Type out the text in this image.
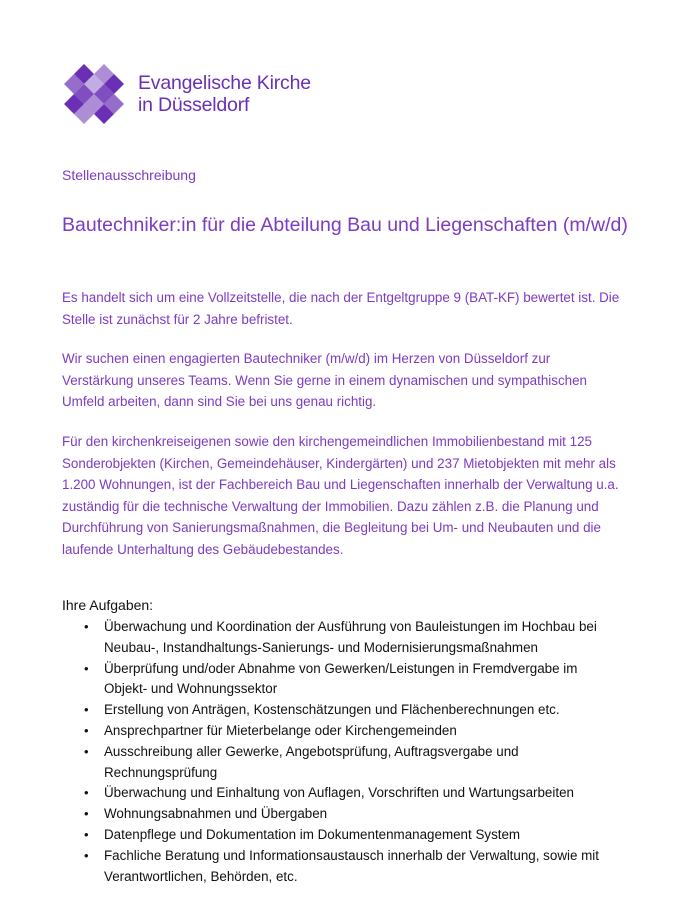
Evangelische Kirche
in Düsseldorf
Stellenausschreibung
Bautechniker:in für die Abteilung Bau und Liegenschaften (m/w/d)

Es handelt sich um eine Vollzeitstelle, die nach der Entgeltgruppe 9 (BAT-KF) bewertet ist. Die Stelle ist zunächst für 2 Jahre befristet.

Wir suchen einen engagierten Bautechniker (m/w/d) im Herzen von Düsseldorf zur Verstärkung unseres Teams. Wenn Sie gerne in einem dynamischen und sympathischen Umfeld arbeiten, dann sind Sie bei uns genau richtig.

Für den kirchenkreiseigenen sowie den kirchengemeindlichen Immobilienbestand mit 125 Sonderobjekten (Kirchen, Gemeindehäuser, Kindergärten) und 237 Mietobjekten mit mehr als 1.200 Wohnungen, ist der Fachbereich Bau und Liegenschaften innerhalb der Verwaltung u.a. zuständig für die technische Verwaltung der Immobilien. Dazu zählen z.B. die Planung und Durchführung von Sanierungsmaßnahmen, die Begleitung bei Um- und Neubauten und die laufende Unterhaltung des Gebäudebestandes.

Ihre Aufgaben:
• Überwachung und Koordination der Ausführung von Bauleistungen im Hochbau bei Neubau-, Instandhaltungs-Sanierungs- und Modernisierungsmaßnahmen
• Überprüfung und/oder Abnahme von Gewerken/Leistungen in Fremdvergabe im Objekt- und Wohnungssektor
• Erstellung von Anträgen, Kostenschätzungen und Flächenberechnungen etc.
• Ansprechpartner für Mieterbelange oder Kirchengemeinden
• Ausschreibung aller Gewerke, Angebotsprüfung, Auftragsvergabe und Rechnungsprüfung
• Überwachung und Einhaltung von Auflagen, Vorschriften und Wartungsarbeiten
• Wohnungsabnahmen und Übergaben
• Datenpflege und Dokumentation im Dokumentenmanagement System
• Fachliche Beratung und Informationsaustausch innerhalb der Verwaltung, sowie mit Verantwortlichen, Behörden, etc.
